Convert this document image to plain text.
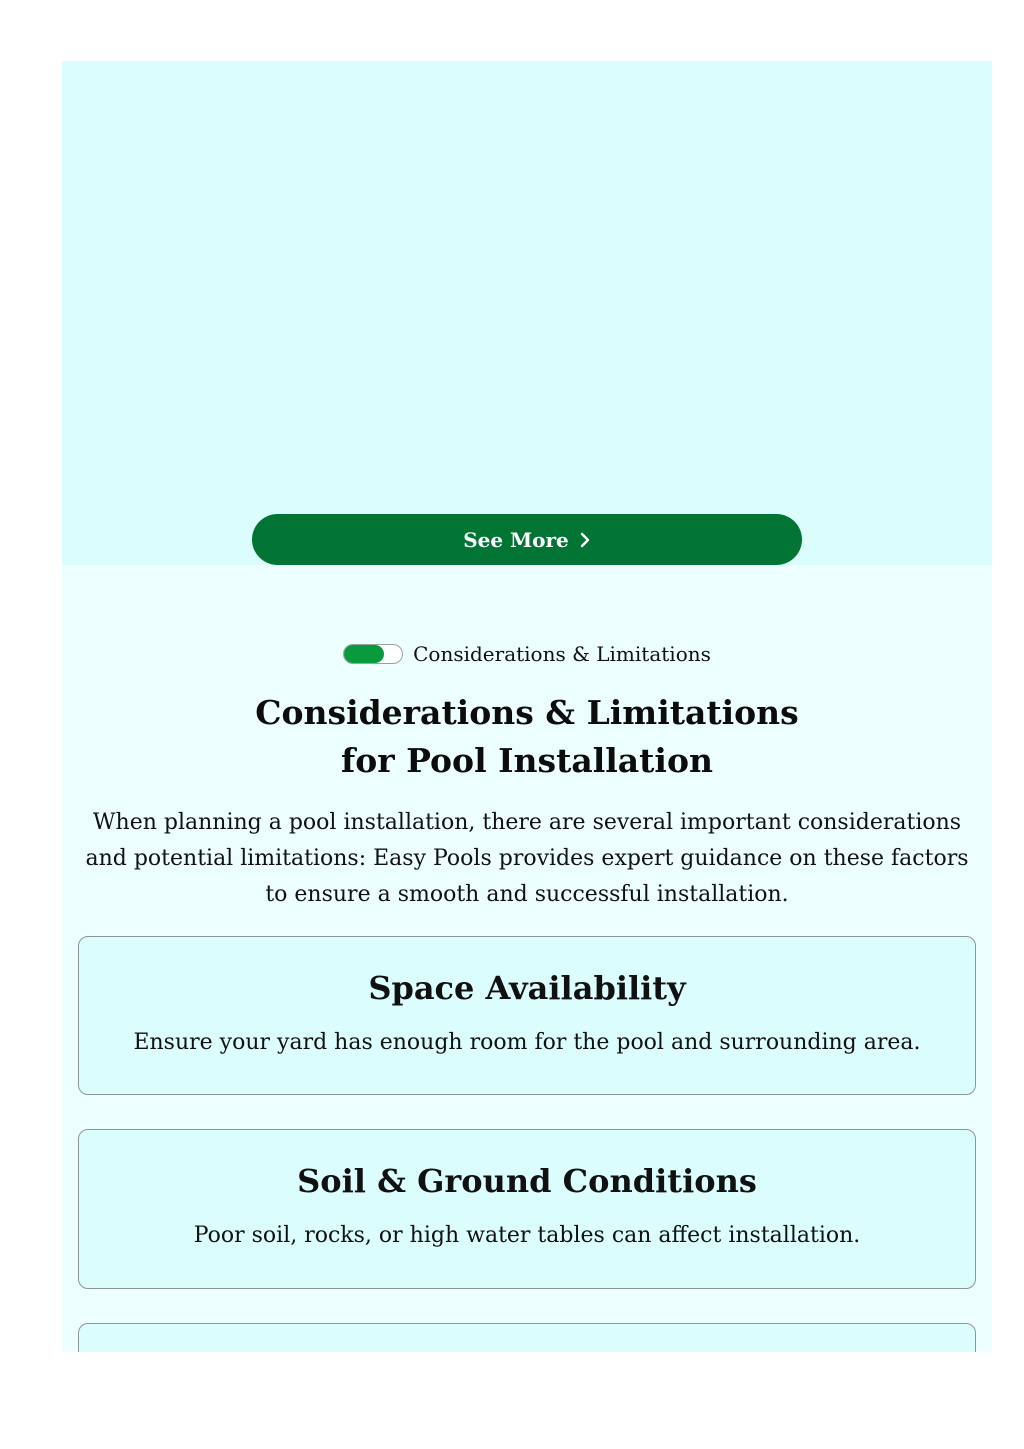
See More
Considerations & Limitations
Considerations & Limitations
for Pool Installation

When planning a pool installation, there are several important considerations and potential limitations: Easy Pools provides expert guidance on these factors to ensure a smooth and successful installation.

Space Availability

Ensure your yard has enough room for the pool and surrounding area.

Soil & Ground Conditions

Poor soil, rocks, or high water tables can affect installation.
